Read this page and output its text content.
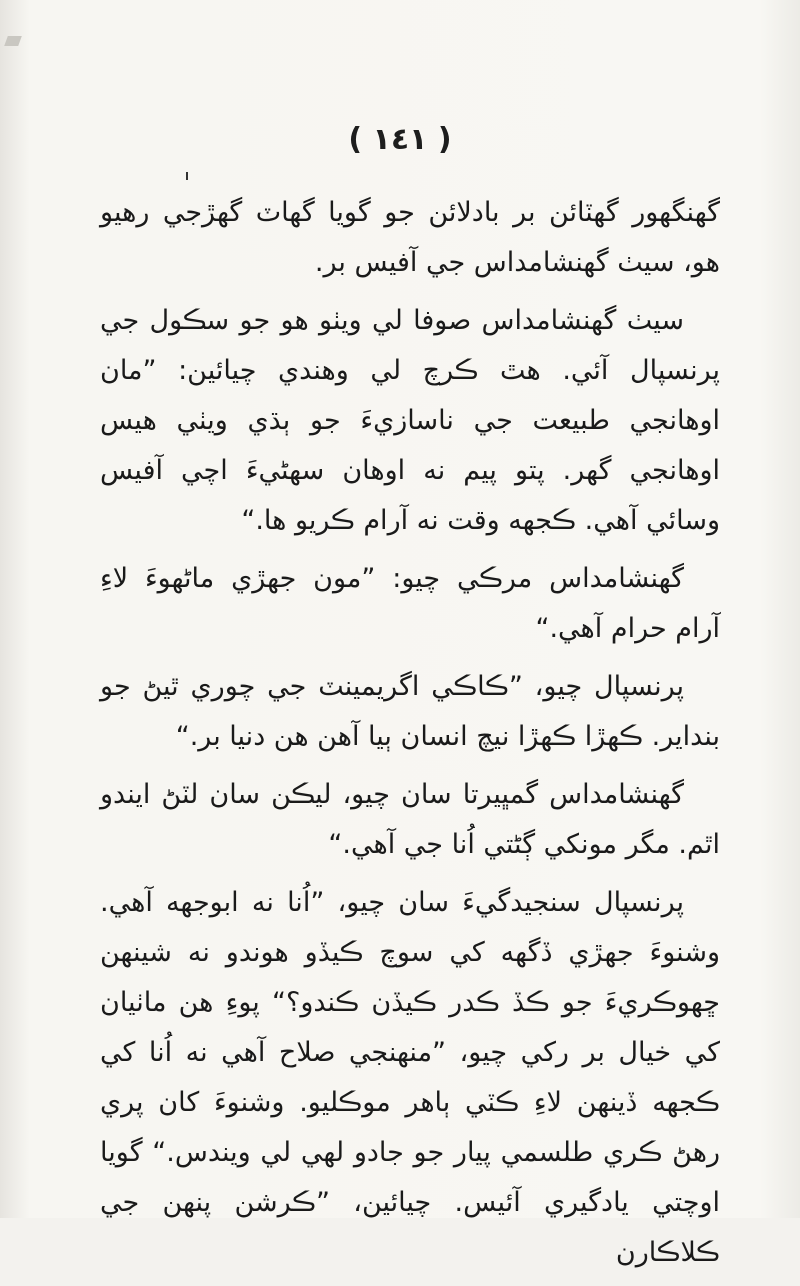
( ١٤١ )

گهنگهور گهٽائن بر بادلائن جو گويا گهاٽ گهڙجي رهيو هو، سيٺ گهنشامداس جي آفيس بر.

سيٺ گهنشامداس صوفا لي ويٺو هو جو سڪول جي پرنسپال آئي. هٿ ڪرچ لي وهندي چيائين: ”مان اوهانجي طبيعت جي ناسازيءَ جو ٻڌي ويٺي هيس اوهانجي گهر. پتو پيم نه اوهان سهڻيءَ اچي آفيس وسائي آهي. ڪجهه وقت نه آرام ڪريو ها.“

گهنشامداس مرڪي چيو: ”مون جهڙي ماڻهوءَ لاءِ آرام حرام آهي.“

پرنسپال چيو، ”ڪاڪي اگريمينٽ جي چوري ٿيڻ جو بنداير. ڪهڙا ڪهڙا نيچ انسان ٻيا آهن هن دنيا بر.“

گهنشامداس گمڀيرتا سان چيو، ليڪن سان لٽڻ ايندو اٿم. مگر مونکي ڳڻتي اُنا جي آهي.“

پرنسپال سنجيدگيءَ سان چيو، ”اُنا نه ابوجهه آهي. وشنوءَ جهڙي ڏگهه کي سوچ ڪيڏو هوندو نه شينهن ڇهوڪريءَ جو ڪڏ ڪدر ڪيڏن ڪندو؟“ پوءِ هن ماٺيان کي خيال بر رکي چيو، ”منهنجي صلاح آهي نه اُنا کي ڪجهه ڏينهن لاءِ ڪٽي ٻاهر موڪليو. وشنوءَ کان پري رهڻ ڪري طلسمي پيار جو جادو لهي لي ويندس.“ گويا اوچتي يادگيري آئيس. چيائين، ”ڪرشن پنهن جي ڪلاڪارن
